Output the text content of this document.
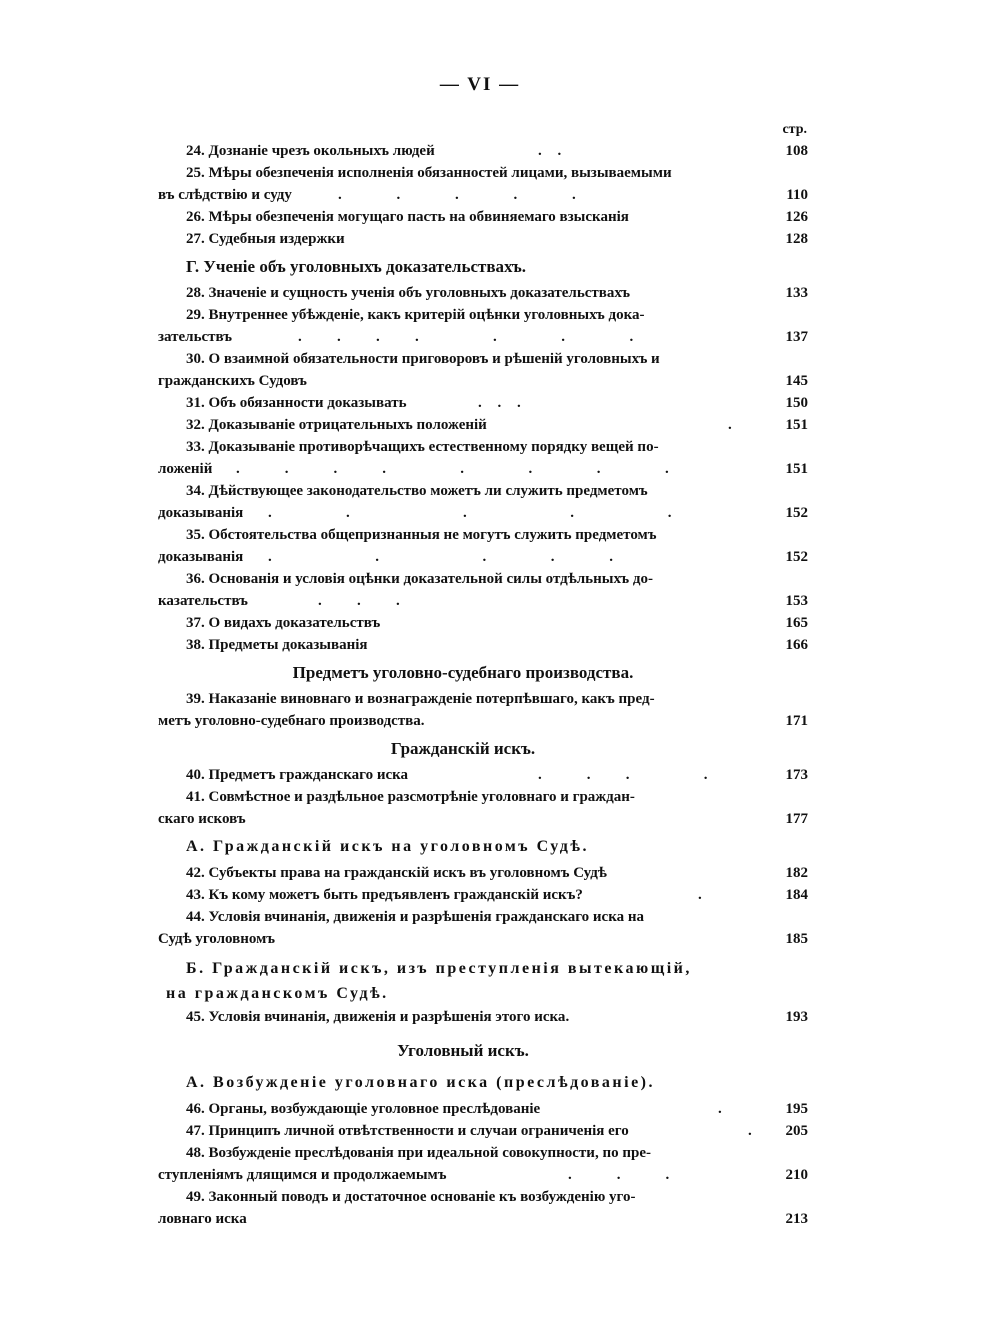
— VI —
стр.
24. Дознаніе чрезъ окольныхъ людей	. .	108
25. Мѣры обезпеченія исполненія обязанностей лицами, вызываемыми
въ слѣдствію и суду	.     .     .     .     .	110
26. Мѣры обезпеченія могущаго пасть на обвиняемаго взысканія	126
27. Судебныя издержки	128
Г. Ученіе объ уголовныхъ доказательствахъ.
28. Значеніе и сущность ученія объ уголовныхъ доказательствахъ	133
29. Внутреннее убѣжденіе, какъ критерій оцѣнки уголовныхъ дока-
зательствъ	.   .   .   .       .      .      .	137
30. О взаимной обязательности приговоровъ и рѣшеній уголовныхъ и
гражданскихъ Судовъ	145
31. Объ обязанности доказывать	. . .	150
32. Доказываніе отрицательныхъ положеній	.	151
33. Доказываніе противорѣчащихъ естественному порядку вещей по-
ложеній .    .    .    .       .      .      .      .	151
34. Дѣйствующее законодательство можетъ ли служить предметомъ
доказыванія .       .           .          .         .	152
35. Обстоятельства общепризнанныя не могутъ служить предметомъ
доказыванія .          .          .      .     .	152
36. Основанія и условія оцѣнки доказательной силы отдѣльныхъ до-
казательствъ	.   .   .	153
37. О видахъ доказательствъ	165
38. Предметы доказыванія	166
Предметъ уголовно-судебнаго производства.
39. Наказаніе виновнаго и вознагражденіе потерпѣвшаго, какъ пред-
метъ уголовно-судебнаго производства.	171
Гражданскій искъ.
40. Предметъ гражданскаго иска	.    .   .       .	173
41. Совмѣстное и раздѣльное разсмотрѣніе уголовнаго и граждан-
скаго исковъ	177
А. Гражданскій искъ на уголовномъ Судѣ.
42. Субъекты права на гражданскій искъ въ уголовномъ Судѣ	182
43. Къ кому можетъ быть предъявленъ гражданскій искъ?	.	184
44. Условія вчинанія, движенія и разрѣшенія гражданскаго иска на
Судѣ уголовномъ	185
Б. Гражданскій искъ, изъ преступленія вытекающій,
на гражданскомъ Судѣ.
45. Условія вчинанія, движенія и разрѣшенія этого иска.	193
Уголовный искъ.
А. Возбужденіе уголовнаго иска (преслѣдованіе).
46. Органы, возбуждающіе уголовное преслѣдованіе	.	195
47. Принципъ личной отвѣтственности и случаи ограниченія его	.	205
48. Возбужденіе преслѣдованія при идеальной совокупности, по пре-
ступленіямъ длящимся и продолжаемымъ	.    .    .	210
49. Законный поводъ и достаточное основаніе къ возбужденію уго-
ловнаго иска	213
